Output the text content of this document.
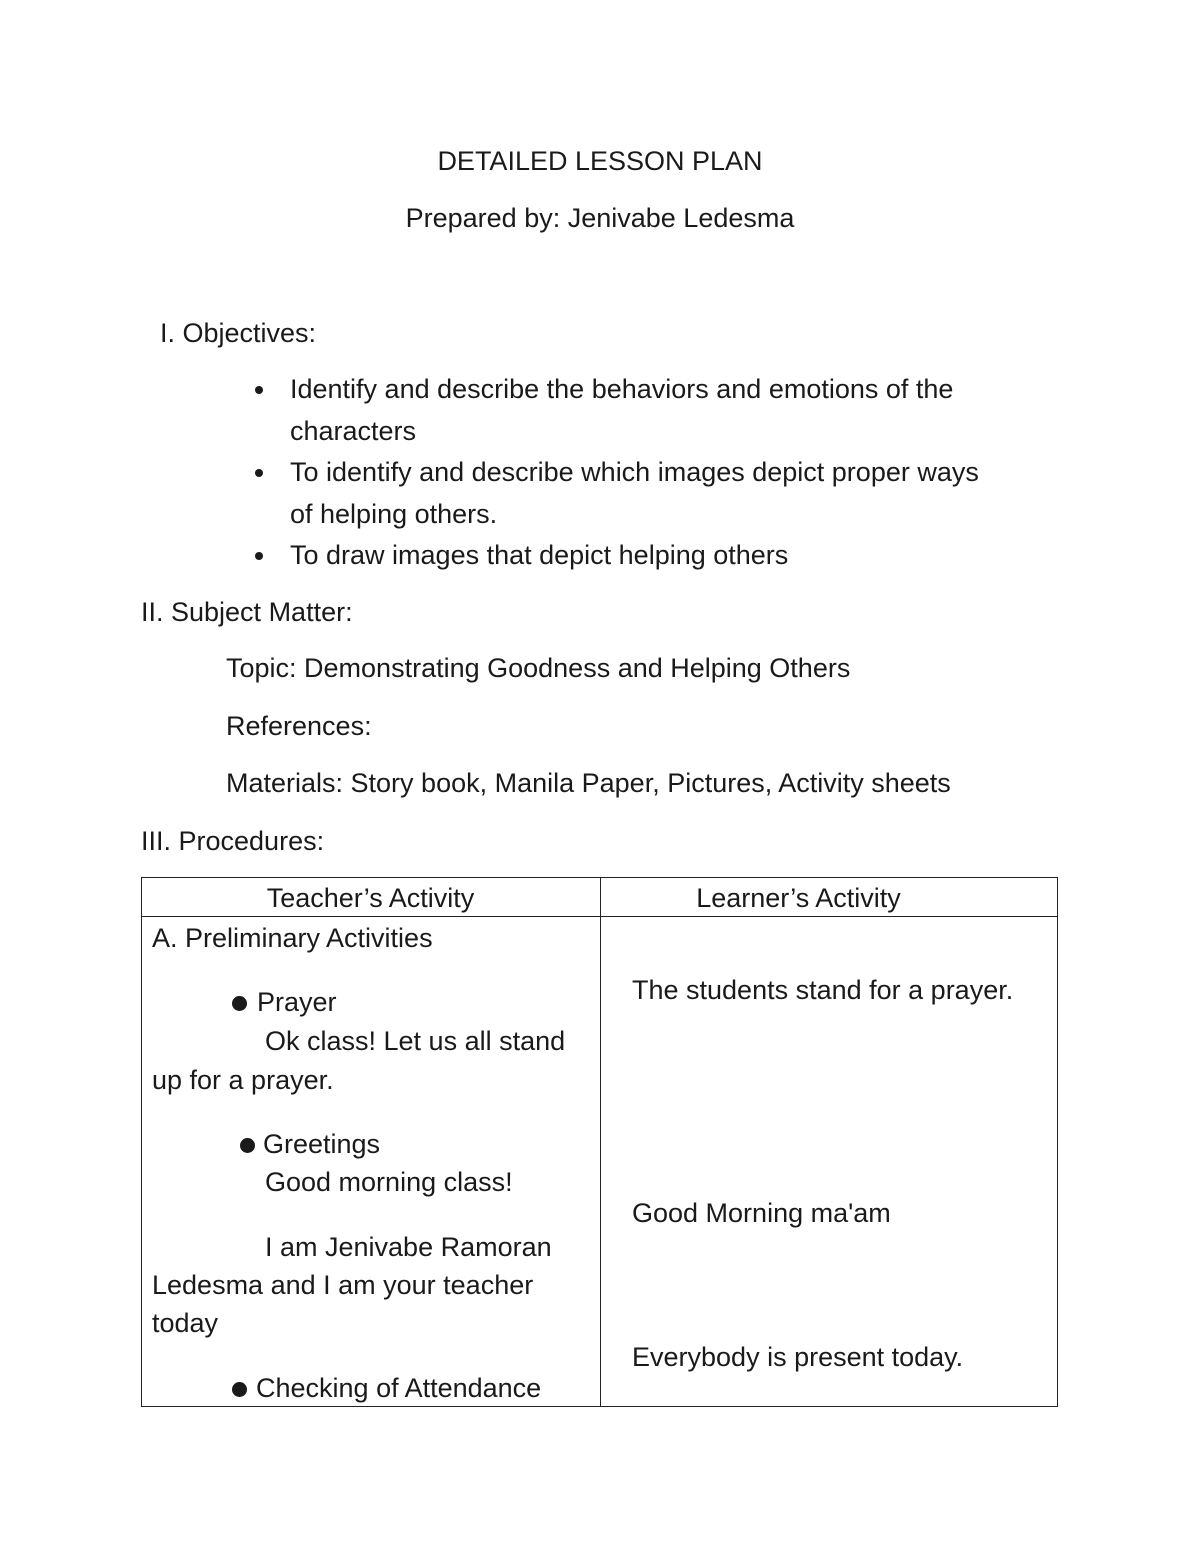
DETAILED LESSON PLAN
Prepared by: Jenivabe Ledesma
I. Objectives:
Identify and describe the behaviors and emotions of the
characters
To identify and describe which images depict proper ways
of helping others.
To draw images that depict helping others
II. Subject Matter:
Topic: Demonstrating Goodness and Helping Others
References:
Materials: Story book, Manila Paper, Pictures, Activity sheets
III. Procedures:
Teacher’s Activity	Learner’s Activity
A. Preliminary Activities
Prayer
Ok class! Let us all stand
up for a prayer.
Greetings
Good morning class!
I am Jenivabe Ramoran
Ledesma and I am your teacher
today
Checking of Attendance
The students stand for a prayer.
Good Morning ma'am
Everybody is present today.
